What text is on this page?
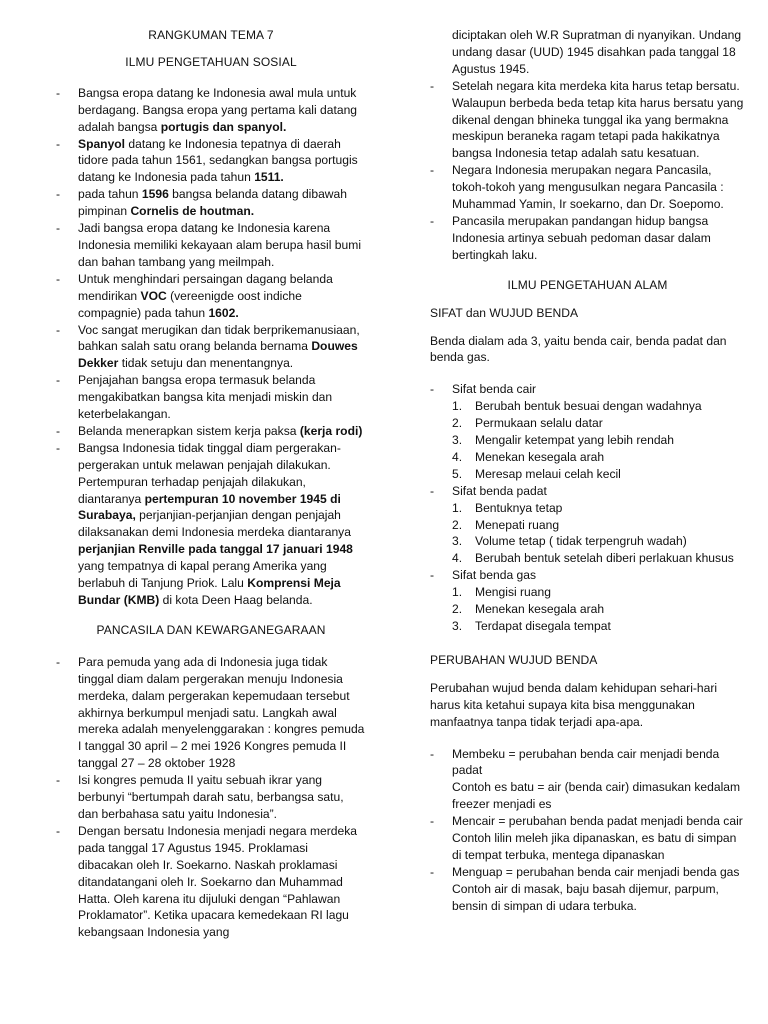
RANGKUMAN TEMA 7

ILMU PENGETAHUAN SOSIAL

-	Bangsa eropa datang ke Indonesia awal mula untuk berdagang. Bangsa eropa yang pertama kali datang adalah bangsa portugis dan spanyol.
-	Spanyol datang ke Indonesia tepatnya di daerah tidore pada tahun 1561, sedangkan bangsa portugis datang ke Indonesia pada tahun 1511.
-	pada tahun 1596 bangsa belanda datang dibawah pimpinan Cornelis de houtman.
-	Jadi bangsa eropa datang ke Indonesia karena Indonesia memiliki kekayaan alam berupa hasil bumi dan bahan tambang yang meilmpah.
-	Untuk menghindari persaingan dagang belanda mendirikan VOC (vereenigde oost indiche compagnie) pada tahun 1602.
-	Voc sangat merugikan dan tidak berprikemanusiaan, bahkan salah satu orang belanda bernama Douwes Dekker tidak setuju dan menentangnya.
-	Penjajahan bangsa eropa termasuk belanda mengakibatkan bangsa kita menjadi miskin dan keterbelakangan.
-	Belanda menerapkan sistem kerja paksa (kerja rodi)
-	Bangsa Indonesia tidak tinggal diam pergerakan-pergerakan untuk melawan penjajah dilakukan. Pertempuran terhadap penjajah dilakukan, diantaranya pertempuran 10 november 1945 di Surabaya, perjanjian-perjanjian dengan penjajah dilaksanakan demi Indonesia merdeka diantaranya perjanjian Renville pada tanggal 17 januari 1948 yang tempatnya di kapal perang Amerika yang berlabuh di Tanjung Priok. Lalu Komprensi Meja Bundar (KMB) di kota Deen Haag belanda.

PANCASILA DAN KEWARGANEGARAAN

-	Para pemuda yang ada di Indonesia juga tidak tinggal diam dalam pergerakan menuju Indonesia merdeka, dalam pergerakan kepemudaan tersebut akhirnya berkumpul menjadi satu. Langkah awal mereka adalah menyelenggarakan : kongres pemuda I tanggal 30 april – 2 mei 1926 Kongres pemuda II tanggal 27 – 28 oktober 1928
-	Isi kongres pemuda II yaitu sebuah ikrar yang berbunyi “bertumpah darah satu, berbangsa satu, dan berbahasa satu yaitu Indonesia”.
-	Dengan bersatu Indonesia menjadi negara merdeka pada tanggal 17 Agustus 1945. Proklamasi dibacakan oleh Ir. Soekarno. Naskah proklamasi ditandatangani oleh Ir. Soekarno dan Muhammad Hatta. Oleh karena itu dijuluki dengan “Pahlawan Proklamator”. Ketika upacara kemedekaan RI lagu kebangsaan Indonesia yang

diciptakan oleh W.R Supratman di nyanyikan. Undang undang dasar (UUD) 1945 disahkan pada tanggal 18 Agustus 1945.

-	Setelah negara kita merdeka kita harus tetap bersatu. Walaupun berbeda beda tetap kita harus bersatu yang dikenal dengan bhineka tunggal ika yang bermakna meskipun beraneka ragam tetapi pada hakikatnya bangsa Indonesia tetap adalah satu kesatuan.
-	Negara Indonesia merupakan negara Pancasila, tokoh-tokoh yang mengusulkan negara Pancasila : Muhammad Yamin, Ir soekarno, dan Dr. Soepomo.
-	Pancasila merupakan pandangan hidup bangsa Indonesia artinya sebuah pedoman dasar dalam bertingkah laku.

ILMU PENGETAHUAN ALAM

SIFAT dan WUJUD BENDA

Benda dialam ada 3, yaitu benda cair, benda padat dan benda gas.

-	Sifat benda cair
1.	Berubah bentuk besuai dengan wadahnya
2.	Permukaan selalu datar
3.	Mengalir ketempat yang lebih rendah
4.	Menekan kesegala arah
5.	Meresap melaui celah kecil
-	Sifat benda padat
1.	Bentuknya tetap
2.	Menepati ruang
3.	Volume tetap ( tidak terpengruh wadah)
4.	Berubah bentuk setelah diberi perlakuan khusus
-	Sifat benda gas
1.	Mengisi ruang
2.	Menekan kesegala arah
3.	Terdapat disegala tempat

PERUBAHAN WUJUD BENDA

Perubahan wujud benda dalam kehidupan sehari-hari harus kita ketahui supaya kita bisa menggunakan manfaatnya tanpa tidak terjadi apa-apa.

-	Membeku = perubahan benda cair menjadi benda padat

Contoh es batu = air (benda cair) dimasukan kedalam freezer menjadi es

-	Mencair = perubahan benda padat menjadi benda cair

Contoh lilin meleh jika dipanaskan, es batu di simpan di tempat terbuka, mentega dipanaskan

-	Menguap = perubahan benda cair menjadi benda gas

Contoh air di masak, baju basah dijemur, parpum, bensin di simpan di udara terbuka.
